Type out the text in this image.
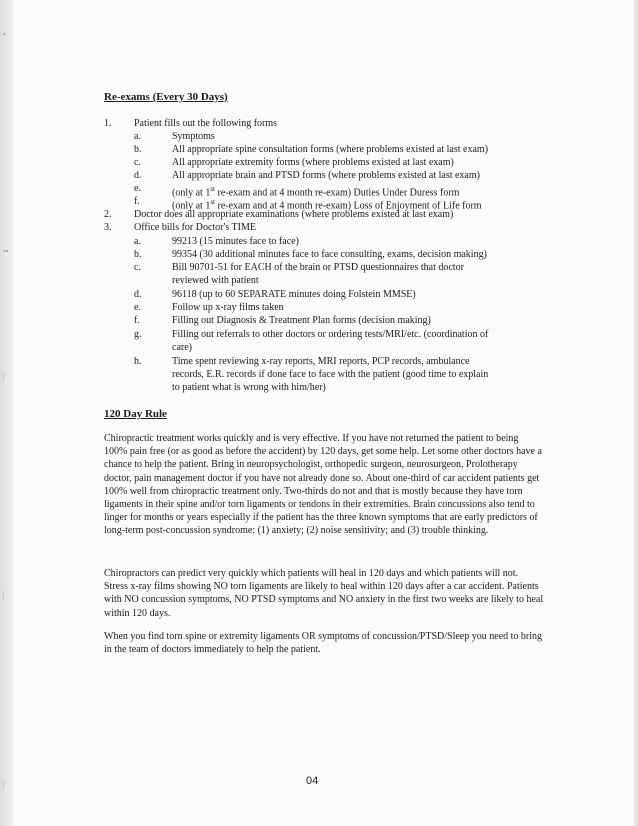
•
••
|
|
|
Re-exams (Every 30 Days)
1. Patient fills out the following forms
a.	Symptoms
b.	All appropriate spine consultation forms (where problems existed at last exam)
c.	All appropriate extremity forms (where problems existed at last exam)
d.	All appropriate brain and PTSD forms (where problems existed at last exam)
e.	(only at 1st re-exam and at 4 month re-exam) Duties Under Duress form
f.	(only at 1st re-exam and at 4 month re-exam) Loss of Enjoyment of Life form
2. Doctor does all appropriate examinations (where problems existed at last exam)
3. Office bills for Doctor's TIME
a.	99213 (15 minutes face to face)
b.	99354 (30 additional minutes face to face consulting, exams, decision making)
c.	Bill 90701-51 for EACH of the brain or PTSD questionnaires that doctor
reviewed with patient
d.	96118 (up to 60 SEPARATE minutes doing Folstein MMSE)
e.	Follow up x-ray films taken
f.	Filling out Diagnosis & Treatment Plan forms (decision making)
g.	Filling out referrals to other doctors or ordering tests/MRI/etc. (coordination of
care)
h.	Time spent reviewing x-ray reports, MRI reports, PCP records, ambulance
records, E.R. records if done face to face with the patient (good time to explain
to patient what is wrong with him/her)
120 Day Rule
Chiropractic treatment works quickly and is very effective. If you have not returned the patient to being 100% pain free (or as good as before the accident) by 120 days, get some help. Let some other doctors have a chance to help the patient. Bring in neuropsychologist, orthopedic surgeon, neurosurgeon, Prolotherapy doctor, pain management doctor if you have not already done so. About one-third of car accident patients get 100% well from chiropractic treatment only. Two-thirds do not and that is mostly because they have torn ligaments in their spine and/or torn ligaments or tendons in their extremities. Brain concussions also tend to linger for months or years especially if the patient has the three known symptoms that are early predictors of long-term post-concussion syndrome: (1) anxiety; (2) noise sensitivity; and (3) trouble thinking.
Chiropractors can predict very quickly which patients will heal in 120 days and which patients will not. Stress x-ray films showing NO torn ligaments are likely to heal within 120 days after a car accident. Patients with NO concussion symptoms, NO PTSD symptoms and NO anxiety in the first two weeks are likely to heal within 120 days.
When you find torn spine or extremity ligaments OR symptoms of concussion/PTSD/Sleep you need to bring in the team of doctors immediately to help the patient.
04
